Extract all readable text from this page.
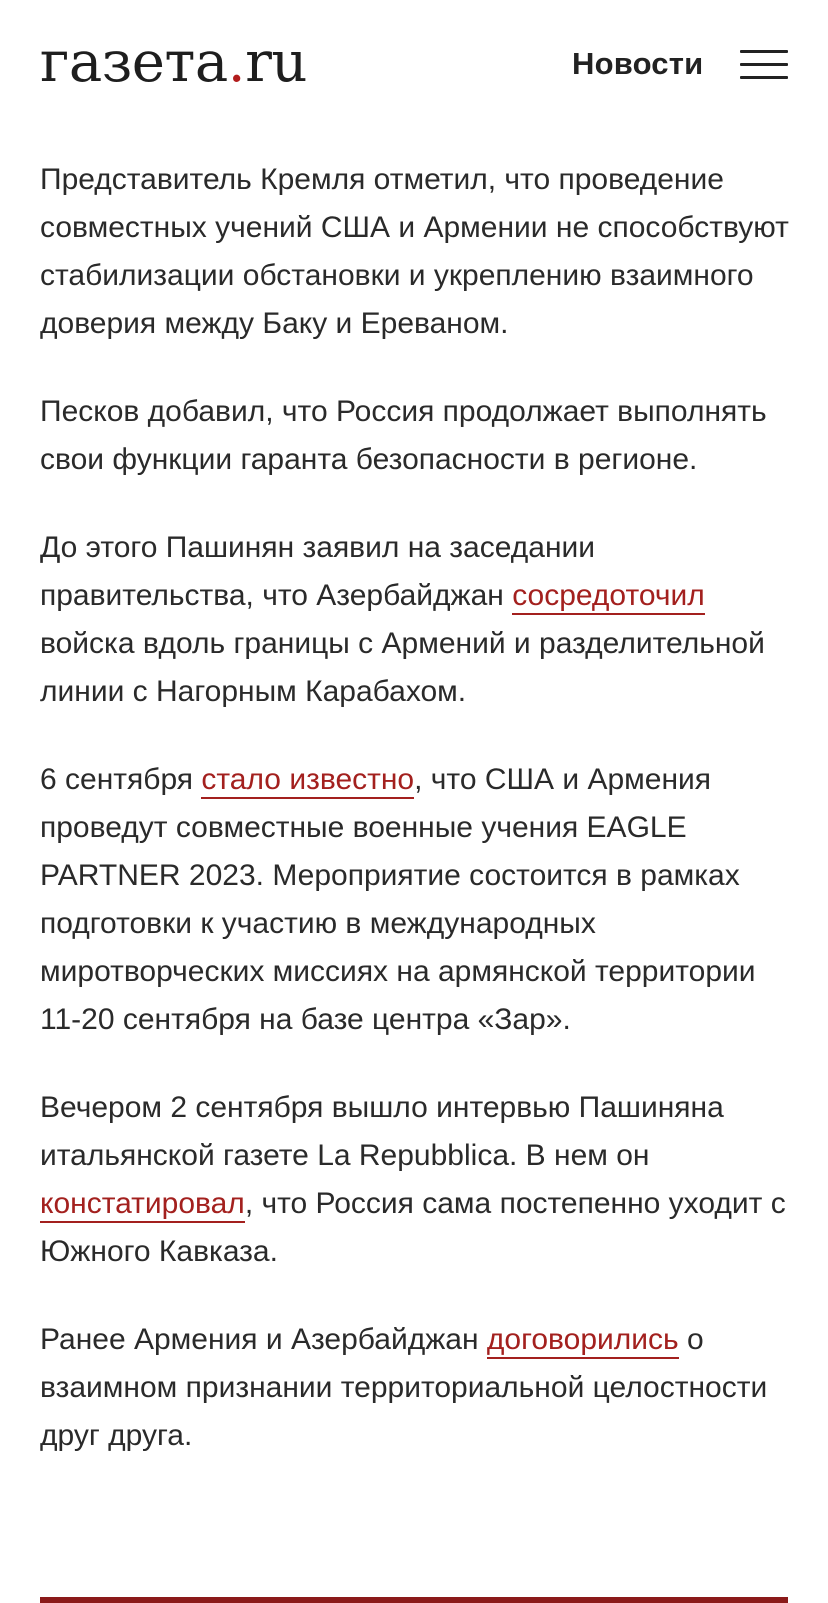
газета.ru	Новости

Представитель Кремля отметил, что проведение совместных учений США и Армении не способствуют стабилизации обстановки и укреплению взаимного доверия между Баку и Ереваном.

Песков добавил, что Россия продолжает выполнять свои функции гаранта безопасности в регионе.

До этого Пашинян заявил на заседании правительства, что Азербайджан сосредоточил войска вдоль границы с Армений и разделительной линии с Нагорным Карабахом.

6 сентября стало известно, что США и Армения проведут совместные военные учения EAGLE PARTNER 2023. Мероприятие состоится в рамках подготовки к участию в международных миротворческих миссиях на армянской территории 11-20 сентября на базе центра «Зар».

Вечером 2 сентября вышло интервью Пашиняна итальянской газете La Repubblica. В нем он констатировал, что Россия сама постепенно уходит с Южного Кавказа.

Ранее Армения и Азербайджан договорились о взаимном признании территориальной целостности друг друга.
